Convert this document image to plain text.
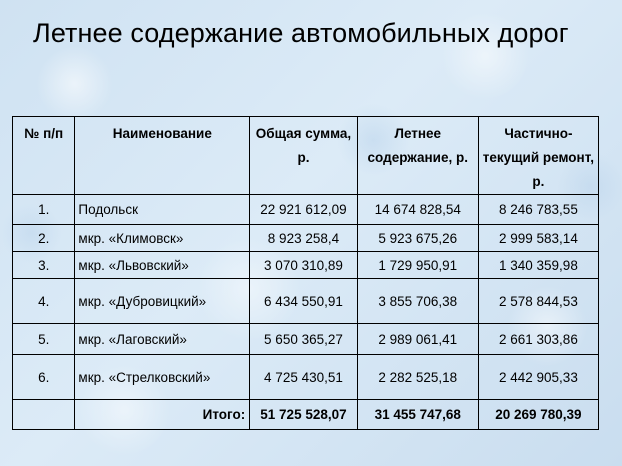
Летнее содержание автомобильных дорог
№ п/п	Наименование	Общая сумма, р.	Летнее содержание, р.	Частично-текущий ремонт, р.
1.	Подольск	22 921 612,09	14 674 828,54	8 246 783,55
2.	мкр. «Климовск»	8 923 258,4	5 923 675,26	2 999 583,14
3.	мкр. «Львовский»	3 070 310,89	1 729 950,91	1 340 359,98
4.	мкр. «Дубровицкий»	6 434 550,91	3 855 706,38	2 578 844,53
5.	мкр. «Лаговский»	5 650 365,27	2 989 061,41	2 661 303,86
6.	мкр. «Стрелковский»	4 725 430,51	2 282 525,18	2 442 905,33
	Итого:	51 725 528,07	31 455 747,68	20 269 780,39
